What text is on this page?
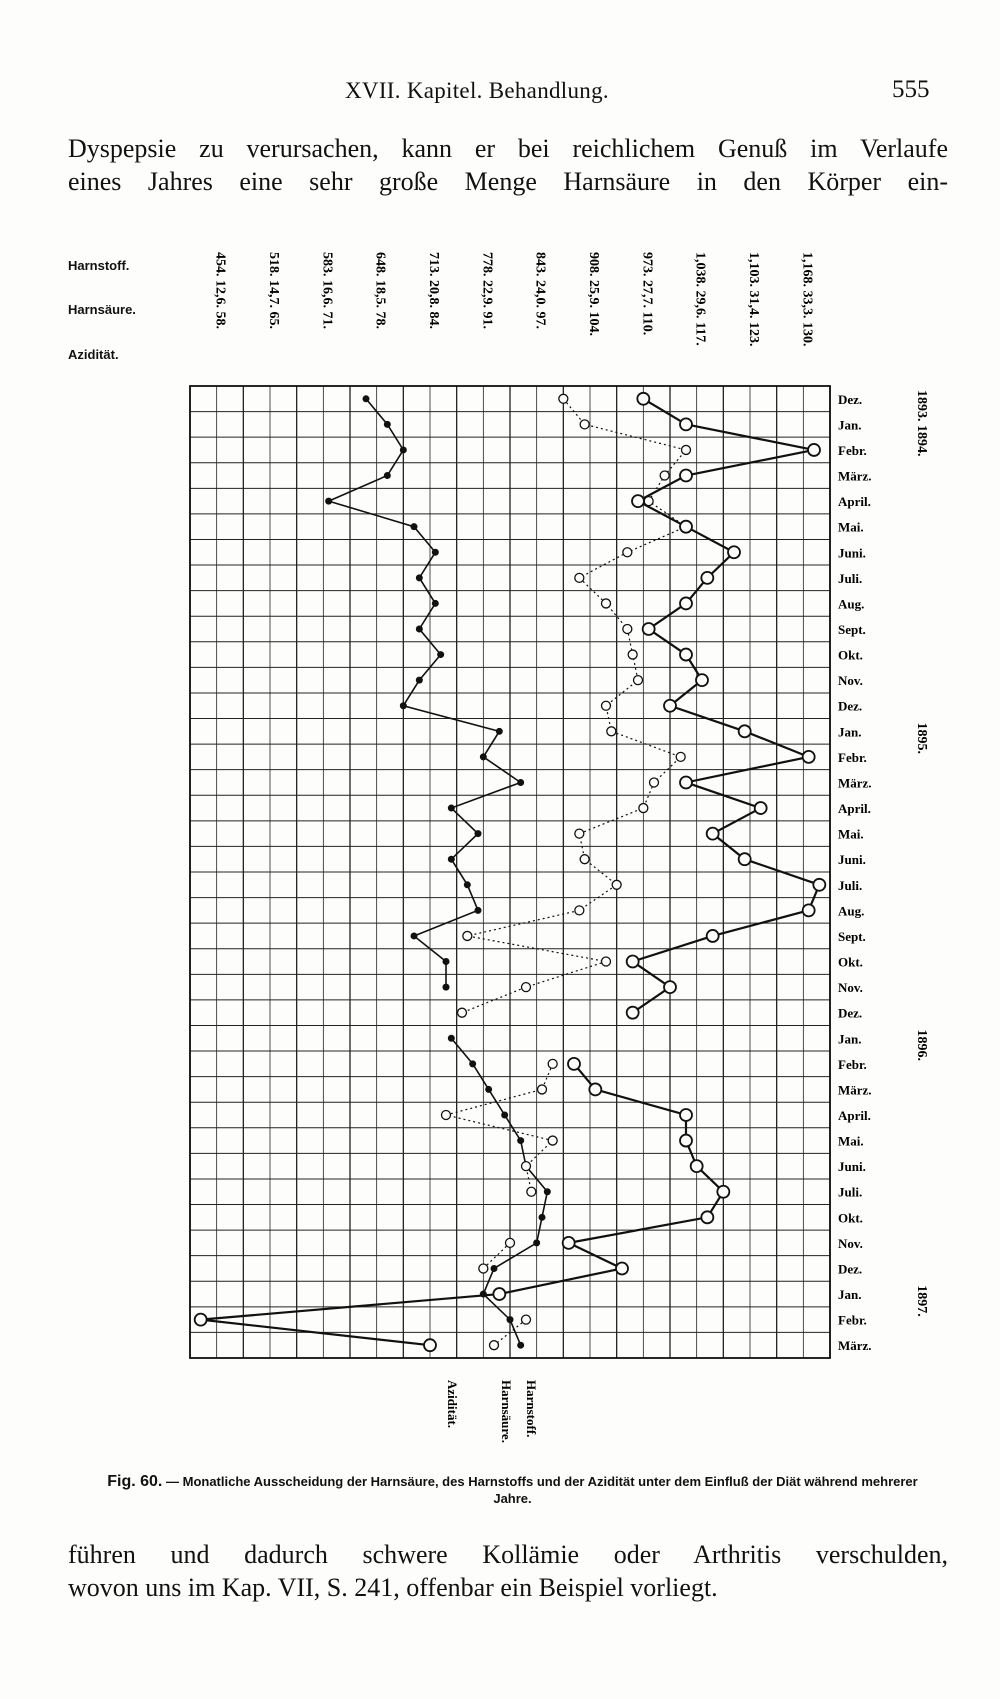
XVII. Kapitel. Behandlung.	555
Dyspepsie zu verursachen, kann er bei reichlichem Genuß im Verlaufe
eines Jahres eine sehr große Menge Harnsäure in den Körper ein-
Harnstoff.
Harnsäure.
Azidität.
454. 12,6. 58.	518. 14,7. 65.	583. 16,6. 71.	648. 18,5. 78.	713. 20,8. 84.	778. 22,9. 91.	843. 24,0. 97.	908. 25,9. 104.	973. 27,7. 110.	1,038. 29,6. 117.	1,103. 31,4. 123.	1,168. 33,3. 130.
Dez.
Jan.
Febr.
März.
April.
Mai.
Juni.
Juli.
Aug.
Sept.
Okt.
Nov.
Dez.
Jan.
Febr.
März.
April.
Mai.
Juni.
Juli.
Aug.
Sept.
Okt.
Nov.
Dez.
Jan.
Febr.
März.
April.
Mai.
Juni.
Juli.
Okt.
Nov.
Dez.
Jan.
Febr.
März.
1893. 1894.
1895.
1896.
1897.
Azidität.	Harnsäure. Harnstoff.
Fig. 60. — Monatliche Ausscheidung der Harnsäure, des Harnstoffs und der Azidität unter dem Einfluß der Diät während mehrerer Jahre.
führen und dadurch schwere Kollämie oder Arthritis verschulden,
wovon uns im Kap. VII, S. 241, offenbar ein Beispiel vorliegt.
